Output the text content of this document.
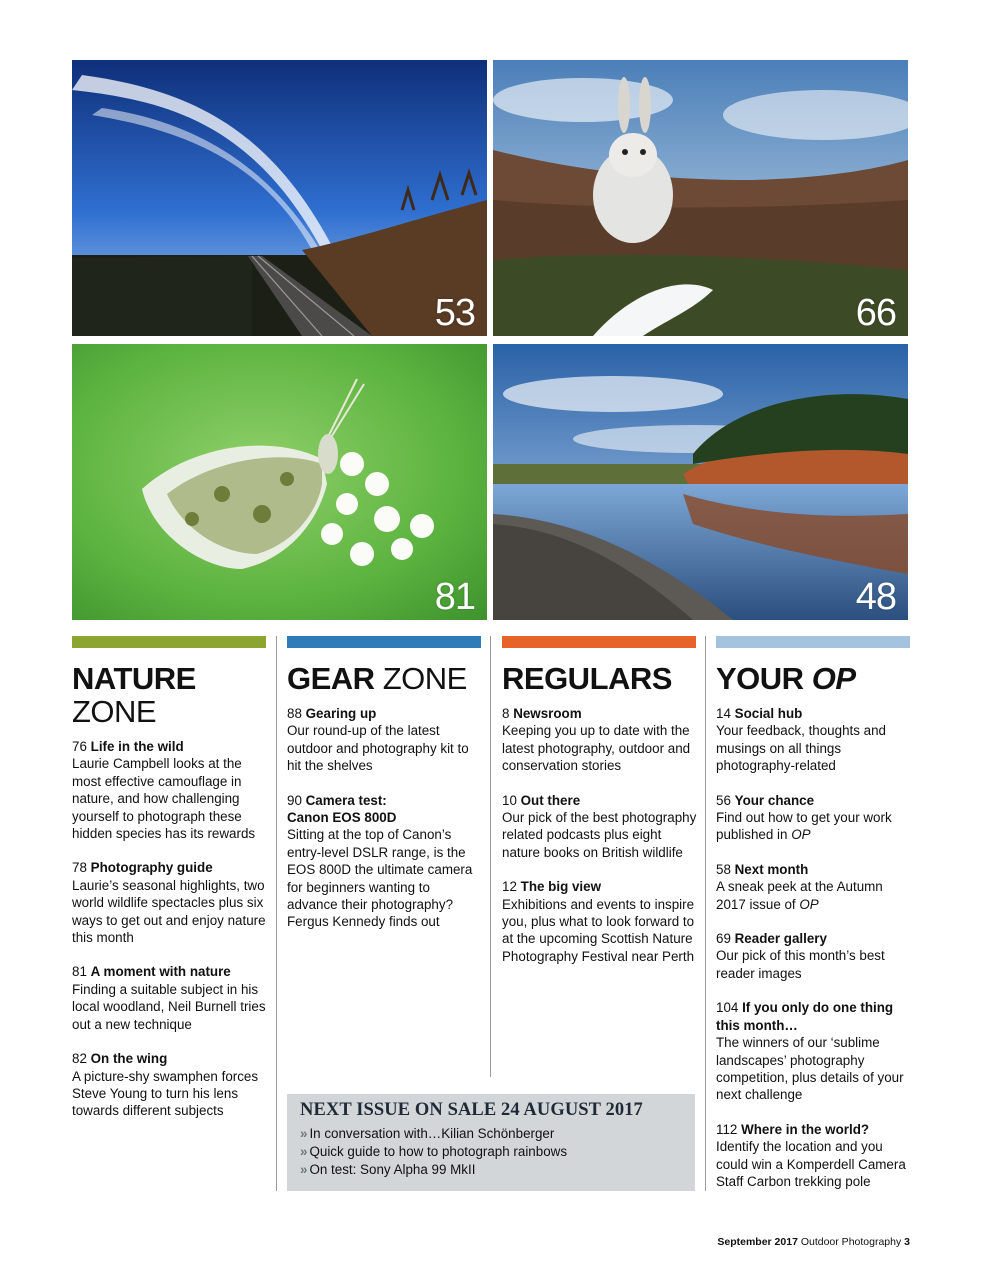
53	66
81	48
NATURE
ZONE
76 Life in the wild
Laurie Campbell looks at the most effective camouflage in nature, and how challenging yourself to photograph these hidden species has its rewards
78 Photography guide
Laurie’s seasonal highlights, two world wildlife spectacles plus six ways to get out and enjoy nature this month
81 A moment with nature
Finding a suitable subject in his local woodland, Neil Burnell tries out a new technique
82 On the wing
A picture-shy swamphen forces Steve Young to turn his lens towards different subjects
GEAR ZONE
88 Gearing up
Our round-up of the latest outdoor and photography kit to hit the shelves
90 Camera test:
Canon EOS 800D
Sitting at the top of Canon’s entry-level DSLR range, is the EOS 800D the ultimate camera for beginners wanting to advance their photography? Fergus Kennedy finds out
REGULARS
8 Newsroom
Keeping you up to date with the latest photography, outdoor and conservation stories
10 Out there
Our pick of the best photography related podcasts plus eight nature books on British wildlife
12 The big view
Exhibitions and events to inspire you, plus what to look forward to at the upcoming Scottish Nature Photography Festival near Perth
YOUR OP
14 Social hub
Your feedback, thoughts and musings on all things photography-related
56 Your chance
Find out how to get your work published in OP
58 Next month
A sneak peek at the Autumn 2017 issue of OP
69 Reader gallery
Our pick of this month’s best reader images
104 If you only do one thing this month…
The winners of our ‘sublime landscapes’ photography competition, plus details of your next challenge
112 Where in the world?
Identify the location and you could win a Komperdell Camera Staff Carbon trekking pole
NEXT ISSUE ON SALE 24 AUGUST 2017
» In conversation with…Kilian Schönberger
» Quick guide to how to photograph rainbows
» On test: Sony Alpha 99 MkII
September 2017 Outdoor Photography 3
